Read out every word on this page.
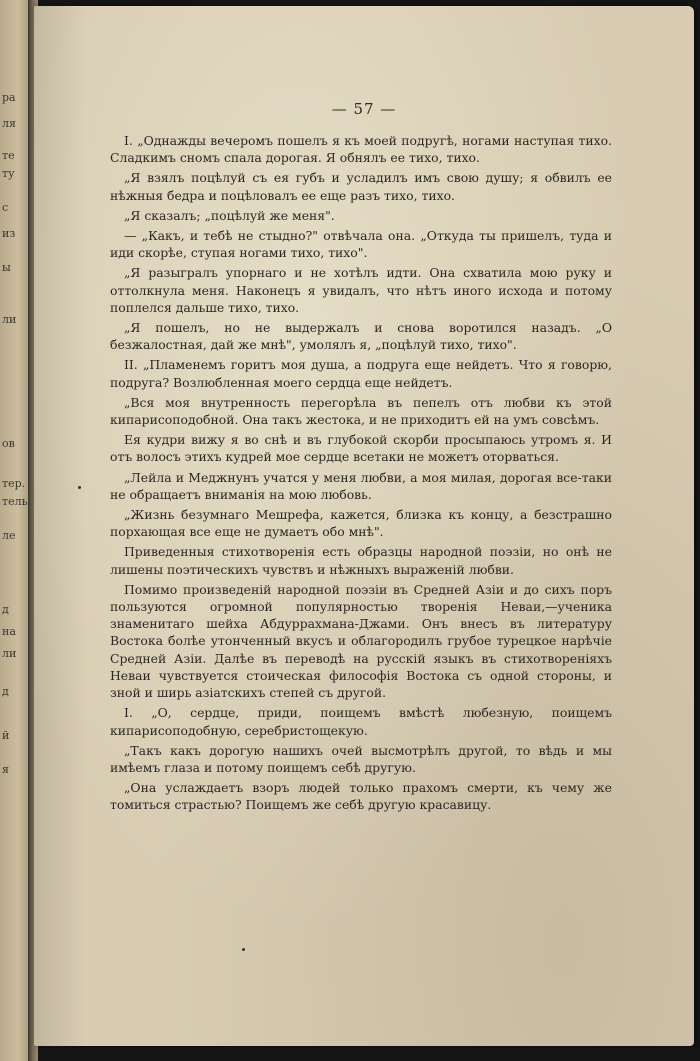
ра
ля
те
ту
с
из
ы
ли
ов
тер.
тель
ле
д
на
ли
д
й
я
— 57 —

I. „Однажды вечеромъ пошелъ я къ моей подругѣ, ногами наступая тихо. Сладкимъ сномъ спала дорогая. Я обнялъ ее тихо, тихо.

„Я взялъ поцѣлуй съ ея губъ и усладилъ имъ свою душу; я обвилъ ее нѣжныя бедра и поцѣловалъ ее еще разъ тихо, тихо.

„Я сказалъ; „поцѣлуй же меня".

— „Какъ, и тебѣ не стыдно?" отвѣчала она. „Откуда ты пришелъ, туда и иди скорѣе, ступая ногами тихо, тихо".

„Я разыгралъ упорнаго и не хотѣлъ идти. Она схватила мою руку и оттолкнула меня. Наконецъ я увидалъ, что нѣтъ иного исхода и потому поплелся дальше тихо, тихо.

„Я пошелъ, но не выдержалъ и снова воротился назадъ. „О безжалостная, дай же мнѣ", умолялъ я, „поцѣлуй тихо, тихо".

II. „Пламенемъ горитъ моя душа, а подруга еще нейдетъ. Что я говорю, подруга? Возлюбленная моего сердца еще нейдетъ.

„Вся моя внутренность перегорѣла въ пепелъ отъ любви къ этой кипарисоподобной. Она такъ жестока, и не приходитъ ей на умъ совсѣмъ.

Ея кудри вижу я во снѣ и въ глубокой скорби просыпаюсь утромъ я. И отъ волосъ этихъ кудрей мое сердце всетаки не можетъ оторваться.

„Лейла и Меджнунъ учатся у меня любви, а моя милая, дорогая все-таки не обращаетъ вниманія на мою любовь.

„Жизнь безумнаго Мешрефа, кажется, близка къ концу, а безстрашно порхающая все еще не думаетъ обо мнѣ".

Приведенныя стихотворенія есть образцы народной поэзіи, но онѣ не лишены поэтическихъ чувствъ и нѣжныхъ выраженій любви.

Помимо произведеній народной поэзіи въ Средней Азіи и до сихъ поръ пользуются огромной популярностью творенія Неваи,—ученика знаменитаго шейха Абдуррахмана-Джами. Онъ внесъ въ литературу Востока болѣе утонченный вкусъ и облагородилъ грубое турецкое нарѣчіе Средней Азіи. Далѣе въ переводѣ на русскій языкъ въ стихотвореніяхъ Неваи чувствуется стоическая философія Востока съ одной стороны, и зной и ширь азіатскихъ степей съ другой.

I. „О, сердце, приди, поищемъ вмѣстѣ любезную, поищемъ кипарисоподобную, серебристощекую.

„Такъ какъ дорогую нашихъ очей высмотрѣлъ другой, то вѣдь и мы имѣемъ глаза и потому поищемъ себѣ другую.

„Она услаждаетъ взоръ людей только прахомъ смерти, къ чему же томиться страстью? Поищемъ же себѣ другую красавицу.
